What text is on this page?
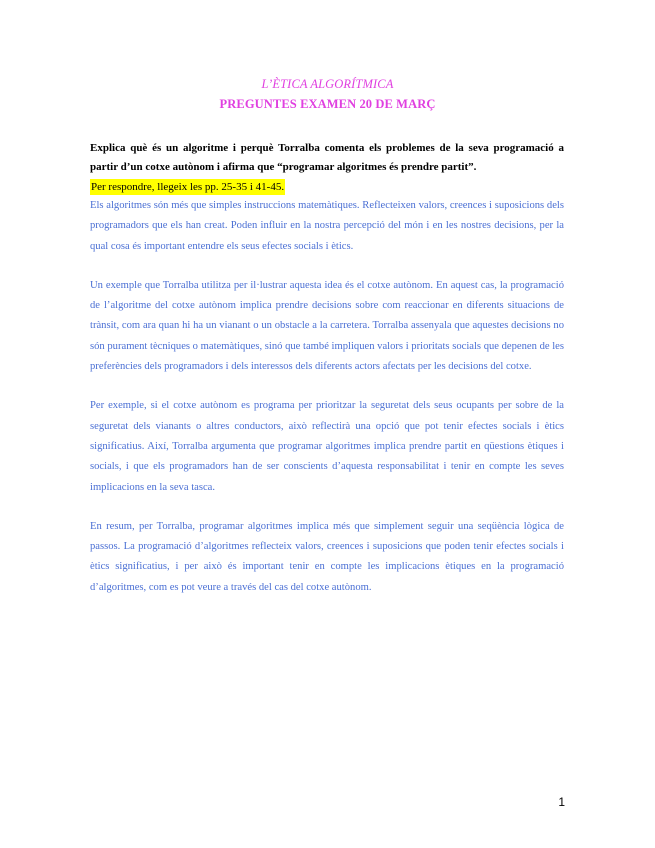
L’ÈTICA ALGORÍTMICA
PREGUNTES EXAMEN 20 DE MARÇ

Explica què és un algoritme i perquè Torralba comenta els problemes de la seva programació a partir d’un cotxe autònom i afirma que “programar algoritmes és prendre partit”.

Per respondre, llegeix les pp. 25-35 i 41-45.

Els algoritmes són més que simples instruccions matemàtiques. Reflecteixen valors, creences i suposicions dels programadors que els han creat. Poden influir en la nostra percepció del món i en les nostres decisions, per la qual cosa és important entendre els seus efectes socials i ètics.

Un exemple que Torralba utilitza per il·lustrar aquesta idea és el cotxe autònom. En aquest cas, la programació de l’algoritme del cotxe autònom implica prendre decisions sobre com reaccionar en diferents situacions de trànsit, com ara quan hi ha un vianant o un obstacle a la carretera. Torralba assenyala que aquestes decisions no són purament tècniques o matemàtiques, sinó que també impliquen valors i prioritats socials que depenen de les preferències dels programadors i dels interessos dels diferents actors afectats per les decisions del cotxe.

Per exemple, si el cotxe autònom es programa per prioritzar la seguretat dels seus ocupants per sobre de la seguretat dels vianants o altres conductors, això reflectirà una opció que pot tenir efectes socials i ètics significatius. Així, Torralba argumenta que programar algoritmes implica prendre partit en qüestions ètiques i socials, i que els programadors han de ser conscients d’aquesta responsabilitat i tenir en compte les seves implicacions en la seva tasca.

En resum, per Torralba, programar algoritmes implica més que simplement seguir una seqüència lògica de passos. La programació d’algoritmes reflecteix valors, creences i suposicions que poden tenir efectes socials i ètics significatius, i per això és important tenir en compte les implicacions ètiques en la programació d’algoritmes, com es pot veure a través del cas del cotxe autònom.

1
